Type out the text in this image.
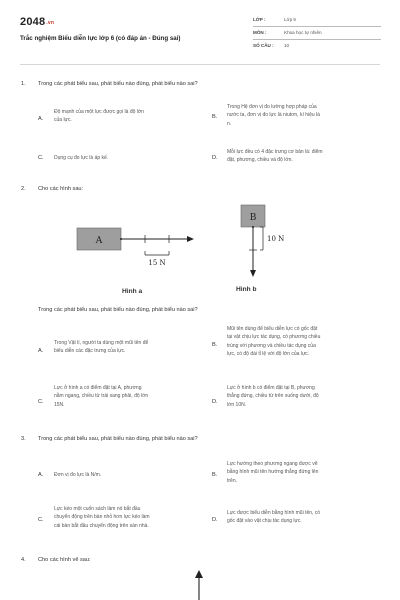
2048.vn
Trắc nghiệm Biểu diễn lực lớp 6 (có đáp án - Đúng sai)
LỚP :	Lớp 6
MÔN :	Khoa học tự nhiên
SỐ CÂU : 10
1. Trong các phát biểu sau, phát biểu nào đúng, phát biểu nào sai?
A.
Độ mạnh của một lực được gọi là độ lớn
của lực.
B.
Trong Hệ đơn vị đo lường hợp pháp của
nước ta, đơn vị đo lực là niutơn, kí hiệu là
n.
C. Dụng cụ đo lực là áp kế.	D.
Mỗi lực đều có 4 đặc trưng cơ bản là: điểm
đặt, phương, chiều và độ lớn.
2. Cho các hình sau:
A
15 N
B
10 N
Hình a	Hình b
Trong các phát biểu sau, phát biểu nào đúng, phát biểu nào sai?
A.
Trong Vật lí, người ta dùng một mũi tên để
biểu diễn các đặc trưng của lực.
B.
Mũi tên dùng để biểu diễn lực có gốc đặt
tại vật chịu lực tác dụng, có phương chiều
trùng với phương và chiều tác dụng của
lực, có độ dài tỉ lệ với độ lớn của lực.
C.
Lực ở hình a có điểm đặt tại A, phương
nằm ngang, chiều từ trái sang phải, độ lớn
15N.	D.
Lực ở hình b có điểm đặt tại B, phương
thẳng đứng, chiều từ trên xuống dưới, độ
lớn 10N.
3. Trong các phát biểu sau, phát biểu nào đúng, phát biểu nào sai?
A. Đơn vị đo lực là N/m.	B.
Lực hướng theo phương ngang được vẽ
bằng hình mũi tên hướng thẳng đứng lên
trên.
C.
Lực kéo một cuốn sách làm nó bắt đầu
chuyển động trên bàn nhỏ hơn lực kéo làm
cái bàn bắt đầu chuyển động trên sàn nhà.
D.
Lực được biểu diễn bằng hình mũi tên, có
gốc đặt vào vật chịu tác dụng lực.
4. Cho các hình vẽ sau:
